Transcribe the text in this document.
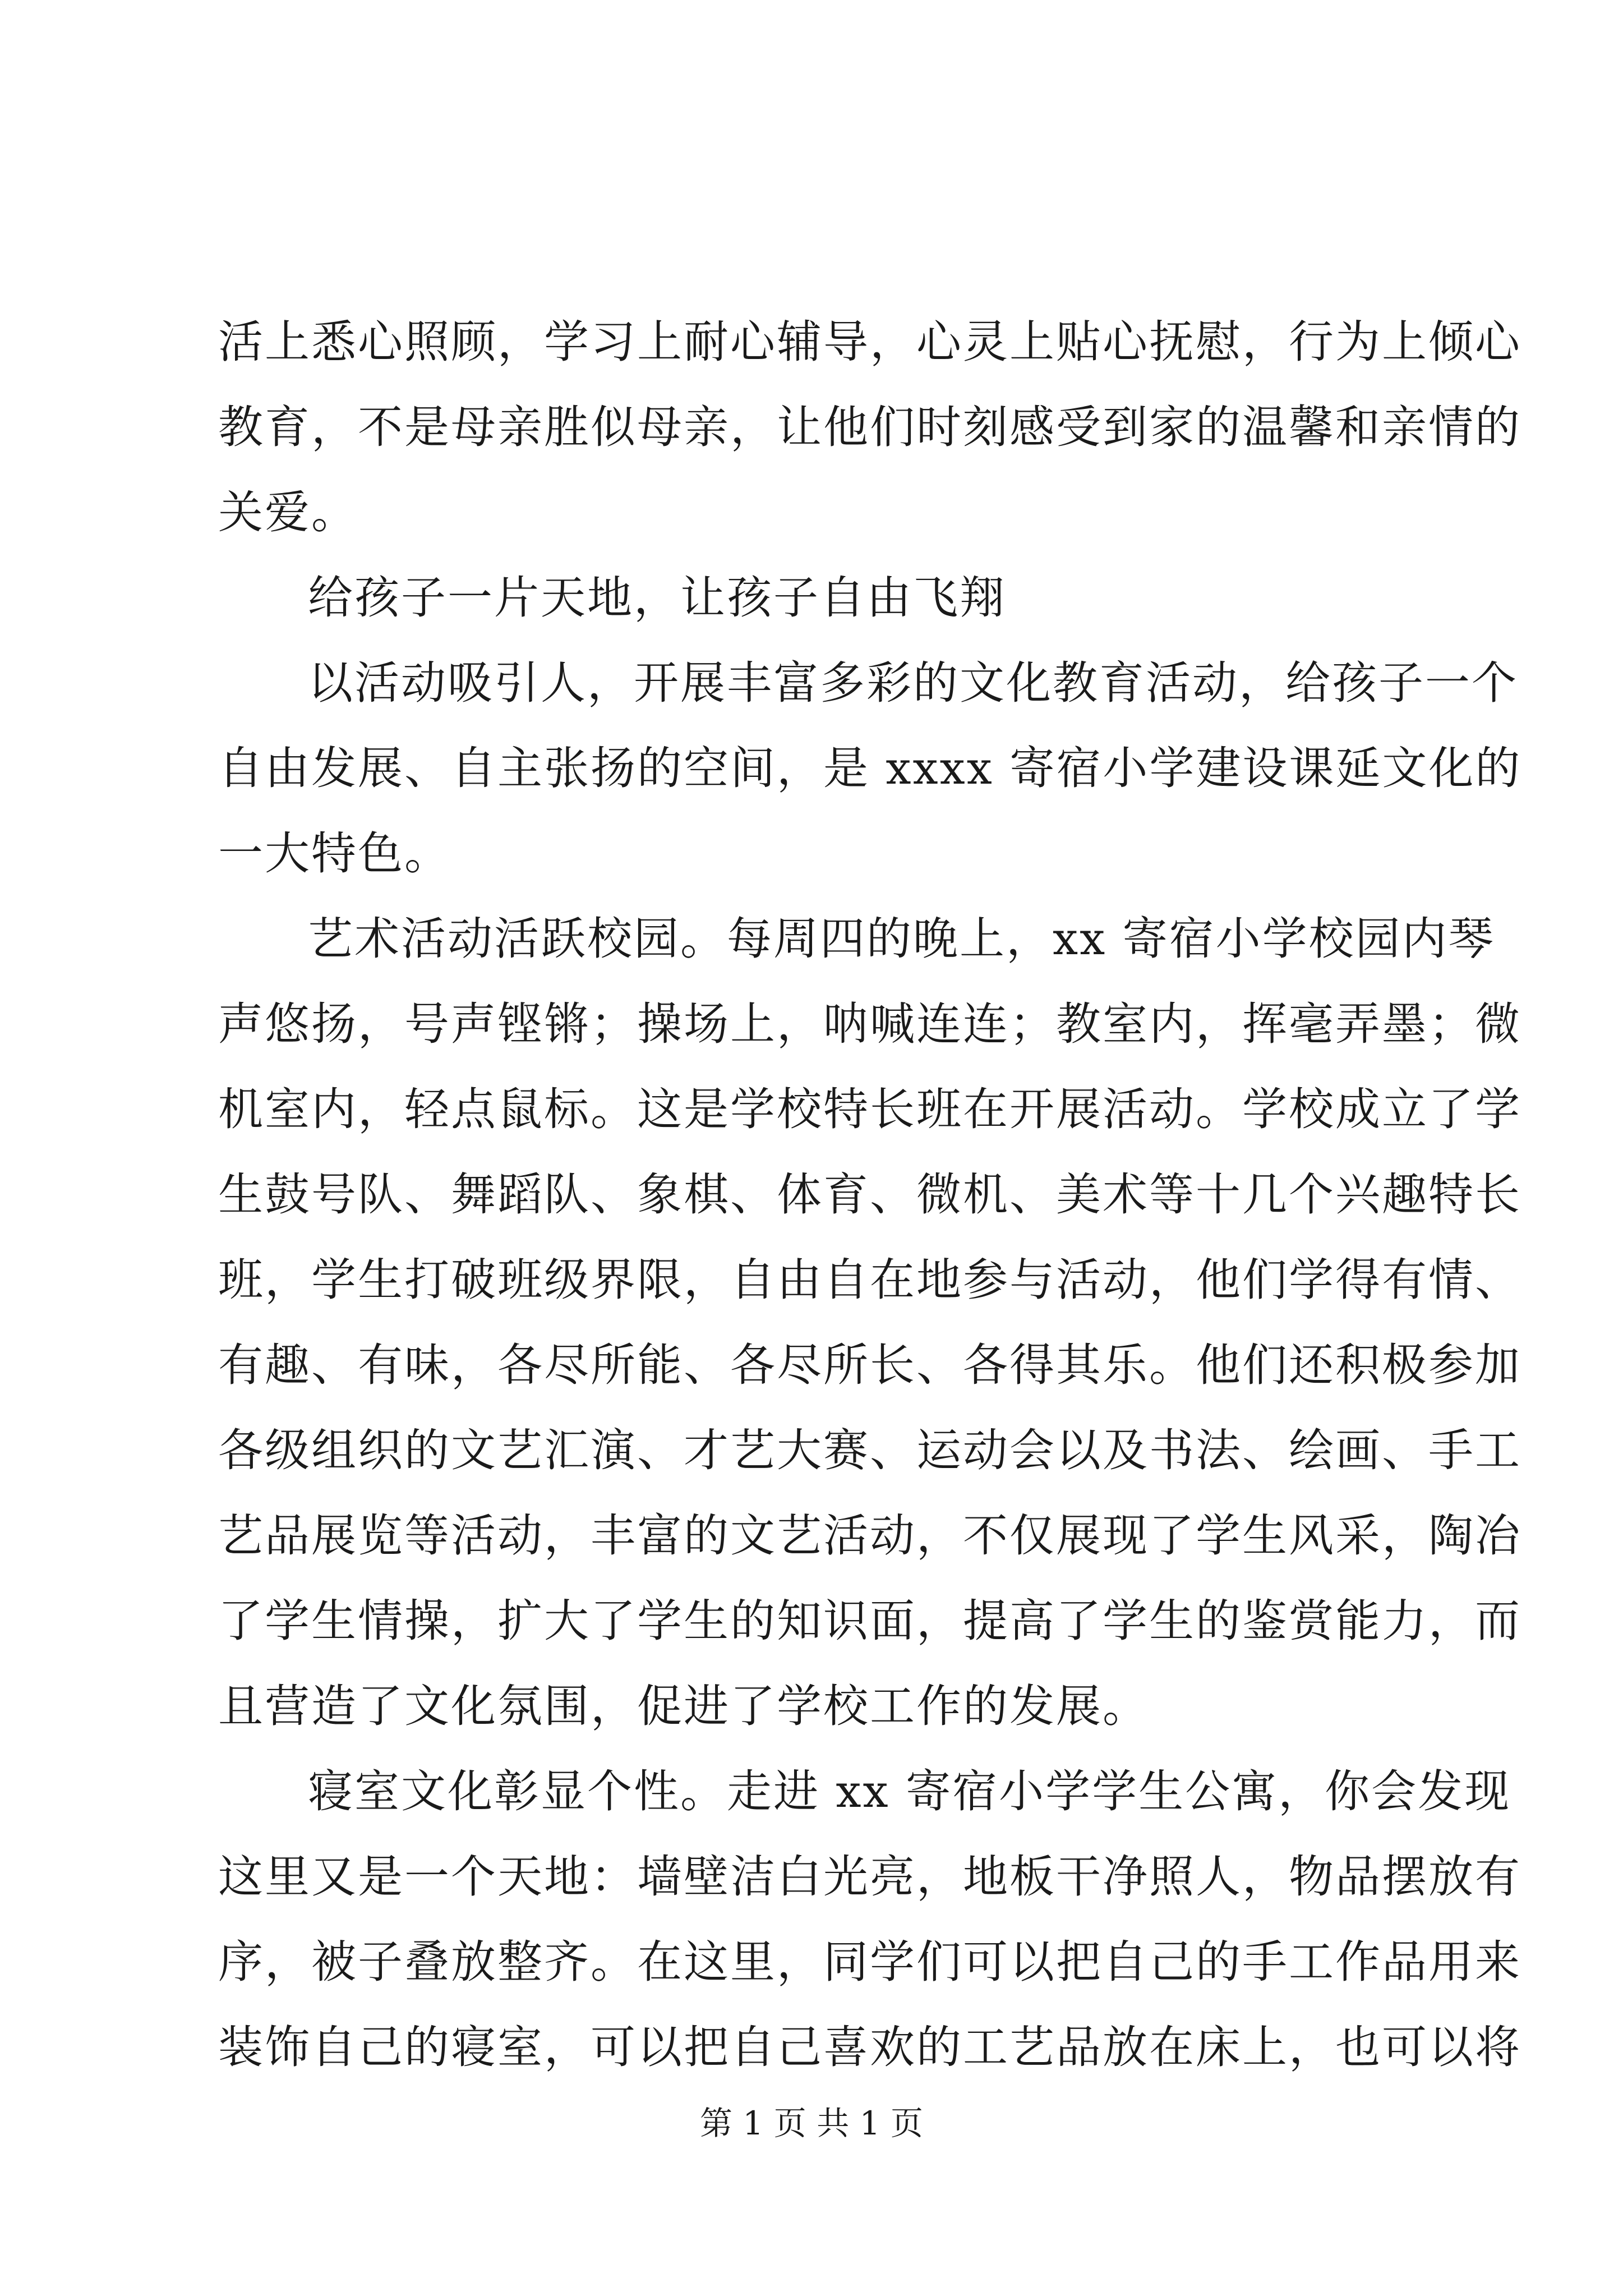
活上悉心照顾，学习上耐心辅导，心灵上贴心抚慰，行为上倾心
教育，不是母亲胜似母亲，让他们时刻感受到家的温馨和亲情的
关爱。
给孩子一片天地，让孩子自由飞翔
以活动吸引人，开展丰富多彩的文化教育活动，给孩子一个
自由发展、自主张扬的空间，是 xxxx 寄宿小学建设课延文化的
一大特色。
艺术活动活跃校园。每周四的晚上，xx 寄宿小学校园内琴
声悠扬，号声铿锵；操场上，呐喊连连；教室内，挥毫弄墨；微
机室内，轻点鼠标。这是学校特长班在开展活动。学校成立了学
生鼓号队、舞蹈队、象棋、体育、微机、美术等十几个兴趣特长
班，学生打破班级界限，自由自在地参与活动，他们学得有情、
有趣、有味，各尽所能、各尽所长、各得其乐。他们还积极参加
各级组织的文艺汇演、才艺大赛、运动会以及书法、绘画、手工
艺品展览等活动，丰富的文艺活动，不仅展现了学生风采，陶冶
了学生情操，扩大了学生的知识面，提高了学生的鉴赏能力，而
且营造了文化氛围，促进了学校工作的发展。
寝室文化彰显个性。走进 xx 寄宿小学学生公寓，你会发现
这里又是一个天地：墙壁洁白光亮，地板干净照人，物品摆放有
序，被子叠放整齐。在这里，同学们可以把自己的手工作品用来
装饰自己的寝室，可以把自己喜欢的工艺品放在床上，也可以将
第 1 页 共 1 页
